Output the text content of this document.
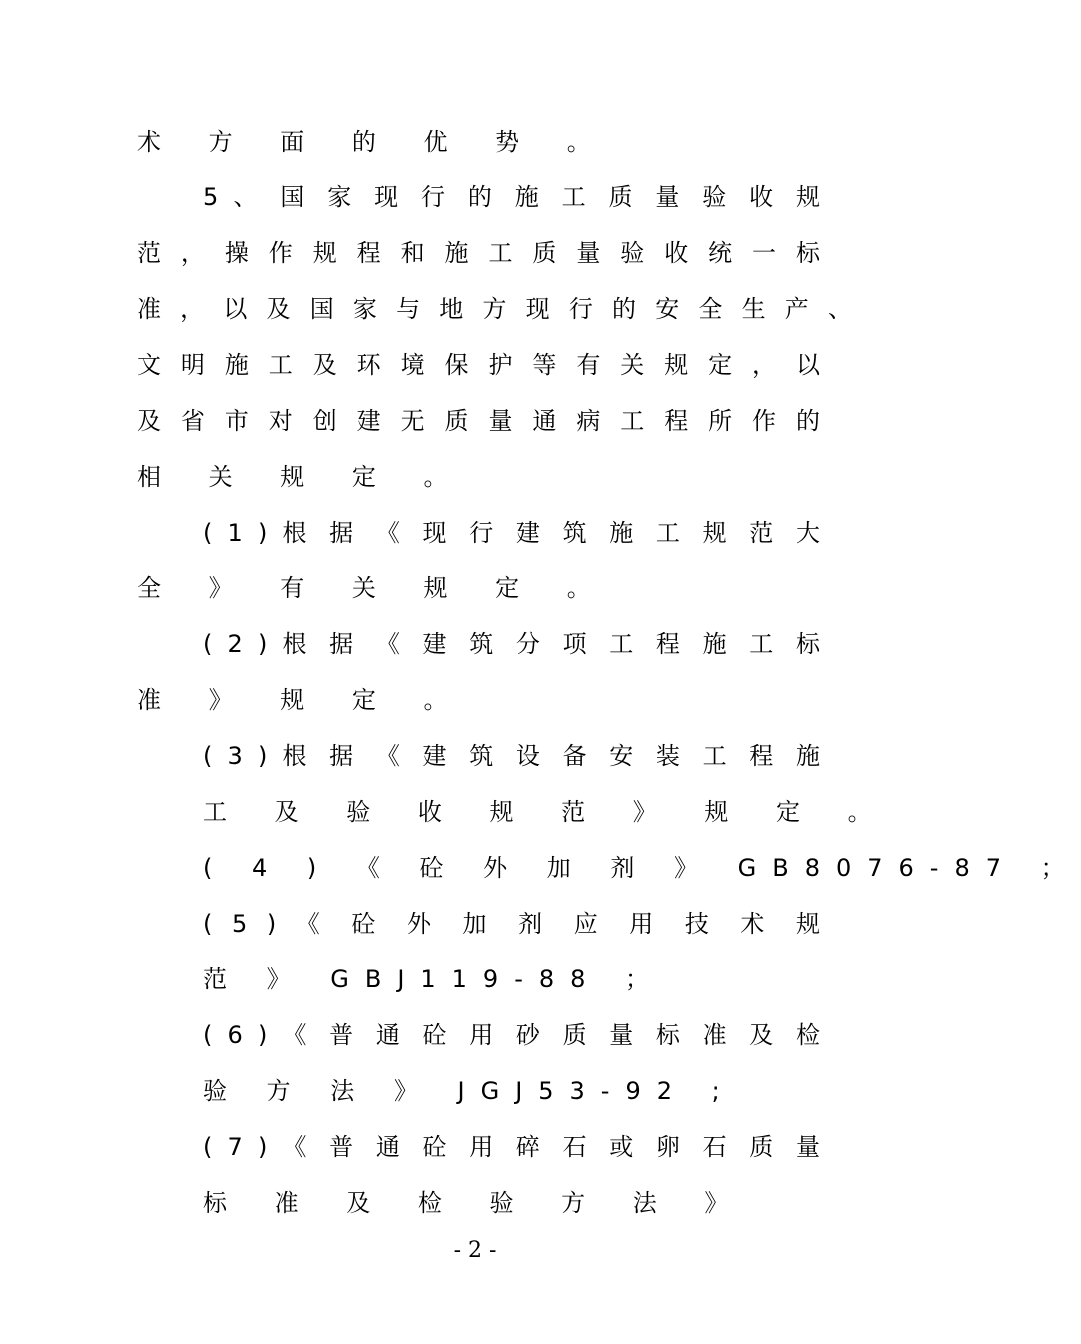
术 方 面 的 优 势 。
5 、 国 家 现 行 的 施 工 质 量 验 收 规
范 ， 操 作 规 程 和 施 工 质 量 验 收 统 一 标
准 ， 以 及 国 家 与 地 方 现 行 的 安 全 生 产 、
文 明 施 工 及 环 境 保 护 等 有 关 规 定 ， 以
及 省 市 对 创 建 无 质 量 通 病 工 程 所 作 的
相 关 规 定 。
( 1 ) 根 据 《 现 行 建 筑 施 工 规 范 大
全 》 有 关 规 定 。
( 2 ) 根 据 《 建 筑 分 项 工 程 施 工 标
准 》 规 定 。
( 3 ) 根 据 《 建 筑 设 备 安 装 工 程 施
工 及 验 收 规 范 》 规 定 。
( 4 ) 《 砼 外 加 剂 》 GB8076-87 ；
( 5 ) 《 砼 外 加 剂 应 用 技 术 规
范 》 GBJ119-88 ；
( 6 ) 《 普 通 砼 用 砂 质 量 标 准 及 检
验 方 法 》 JGJ53-92 ;
( 7 ) 《 普 通 砼 用 碎 石 或 卵 石 质 量
标 准 及 检 验 方 法 》
- 2 -
